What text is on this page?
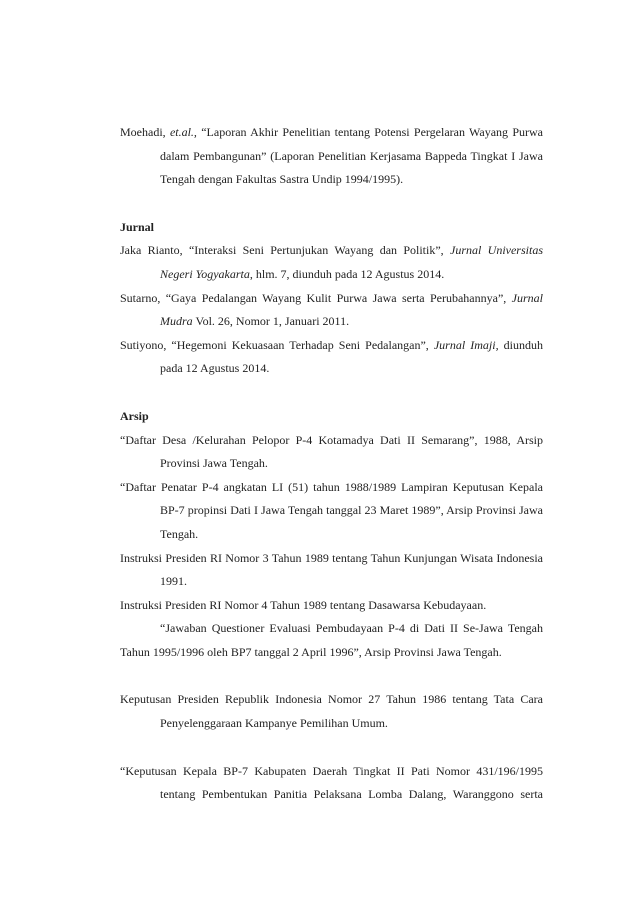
Moehadi, et.al., “Laporan Akhir Penelitian tentang Potensi Pergelaran Wayang Purwa dalam Pembangunan” (Laporan Penelitian Kerjasama Bappeda Tingkat I Jawa Tengah dengan Fakultas Sastra Undip 1994/1995).

Jurnal

Jaka Rianto, “Interaksi Seni Pertunjukan Wayang dan Politik”, Jurnal Universitas Negeri Yogyakarta, hlm. 7, diunduh pada 12 Agustus 2014.

Sutarno, “Gaya Pedalangan Wayang Kulit Purwa Jawa serta Perubahannya”, Jurnal Mudra Vol. 26, Nomor 1, Januari 2011.

Sutiyono, “Hegemoni Kekuasaan Terhadap Seni Pedalangan”, Jurnal Imaji, diunduh pada 12 Agustus 2014.

Arsip

“Daftar Desa /Kelurahan Pelopor P-4 Kotamadya Dati II Semarang”, 1988, Arsip Provinsi Jawa Tengah.

“Daftar Penatar P-4 angkatan LI (51) tahun 1988/1989 Lampiran Keputusan Kepala BP-7 propinsi Dati I Jawa Tengah tanggal 23 Maret 1989”, Arsip Provinsi Jawa Tengah.

Instruksi Presiden RI Nomor 3 Tahun 1989 tentang Tahun Kunjungan Wisata Indonesia 1991.

Instruksi Presiden RI Nomor 4 Tahun 1989 tentang Dasawarsa Kebudayaan.

“Jawaban Questioner Evaluasi Pembudayaan P-4 di Dati II Se-Jawa Tengah Tahun 1995/1996 oleh BP7 tanggal 2 April 1996”, Arsip Provinsi Jawa Tengah.

Keputusan Presiden Republik Indonesia Nomor 27 Tahun 1986 tentang Tata Cara Penyelenggaraan Kampanye Pemilihan Umum.

“Keputusan Kepala BP-7 Kabupaten Daerah Tingkat II Pati Nomor 431/196/1995 tentang Pembentukan Panitia Pelaksana Lomba Dalang, Waranggono serta
